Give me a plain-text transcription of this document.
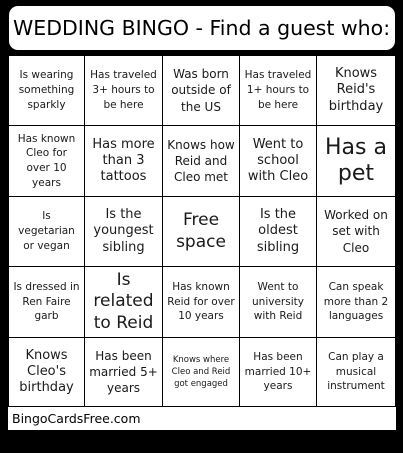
WEDDING BINGO - Find a guest who:
Is wearing something sparkly
Has traveled 3+ hours to be here
Was born outside of the US
Has traveled 1+ hours to be here
Knows Reid's birthday
Has known Cleo for over 10 years
Has more than 3 tattoos
Knows how Reid and Cleo met
Went to school with Cleo
Has a pet
Is vegetarian or vegan
Is the youngest sibling
Free space
Is the oldest sibling
Worked on set with Cleo
Is dressed in Ren Faire garb
Is related to Reid
Has known Reid for over 10 years
Went to university with Reid
Can speak more than 2 languages
Knows Cleo's birthday
Has been married 5+ years
Knows where Cleo and Reid got engaged
Has been married 10+ years
Can play a musical instrument
BingoCardsFree.com
